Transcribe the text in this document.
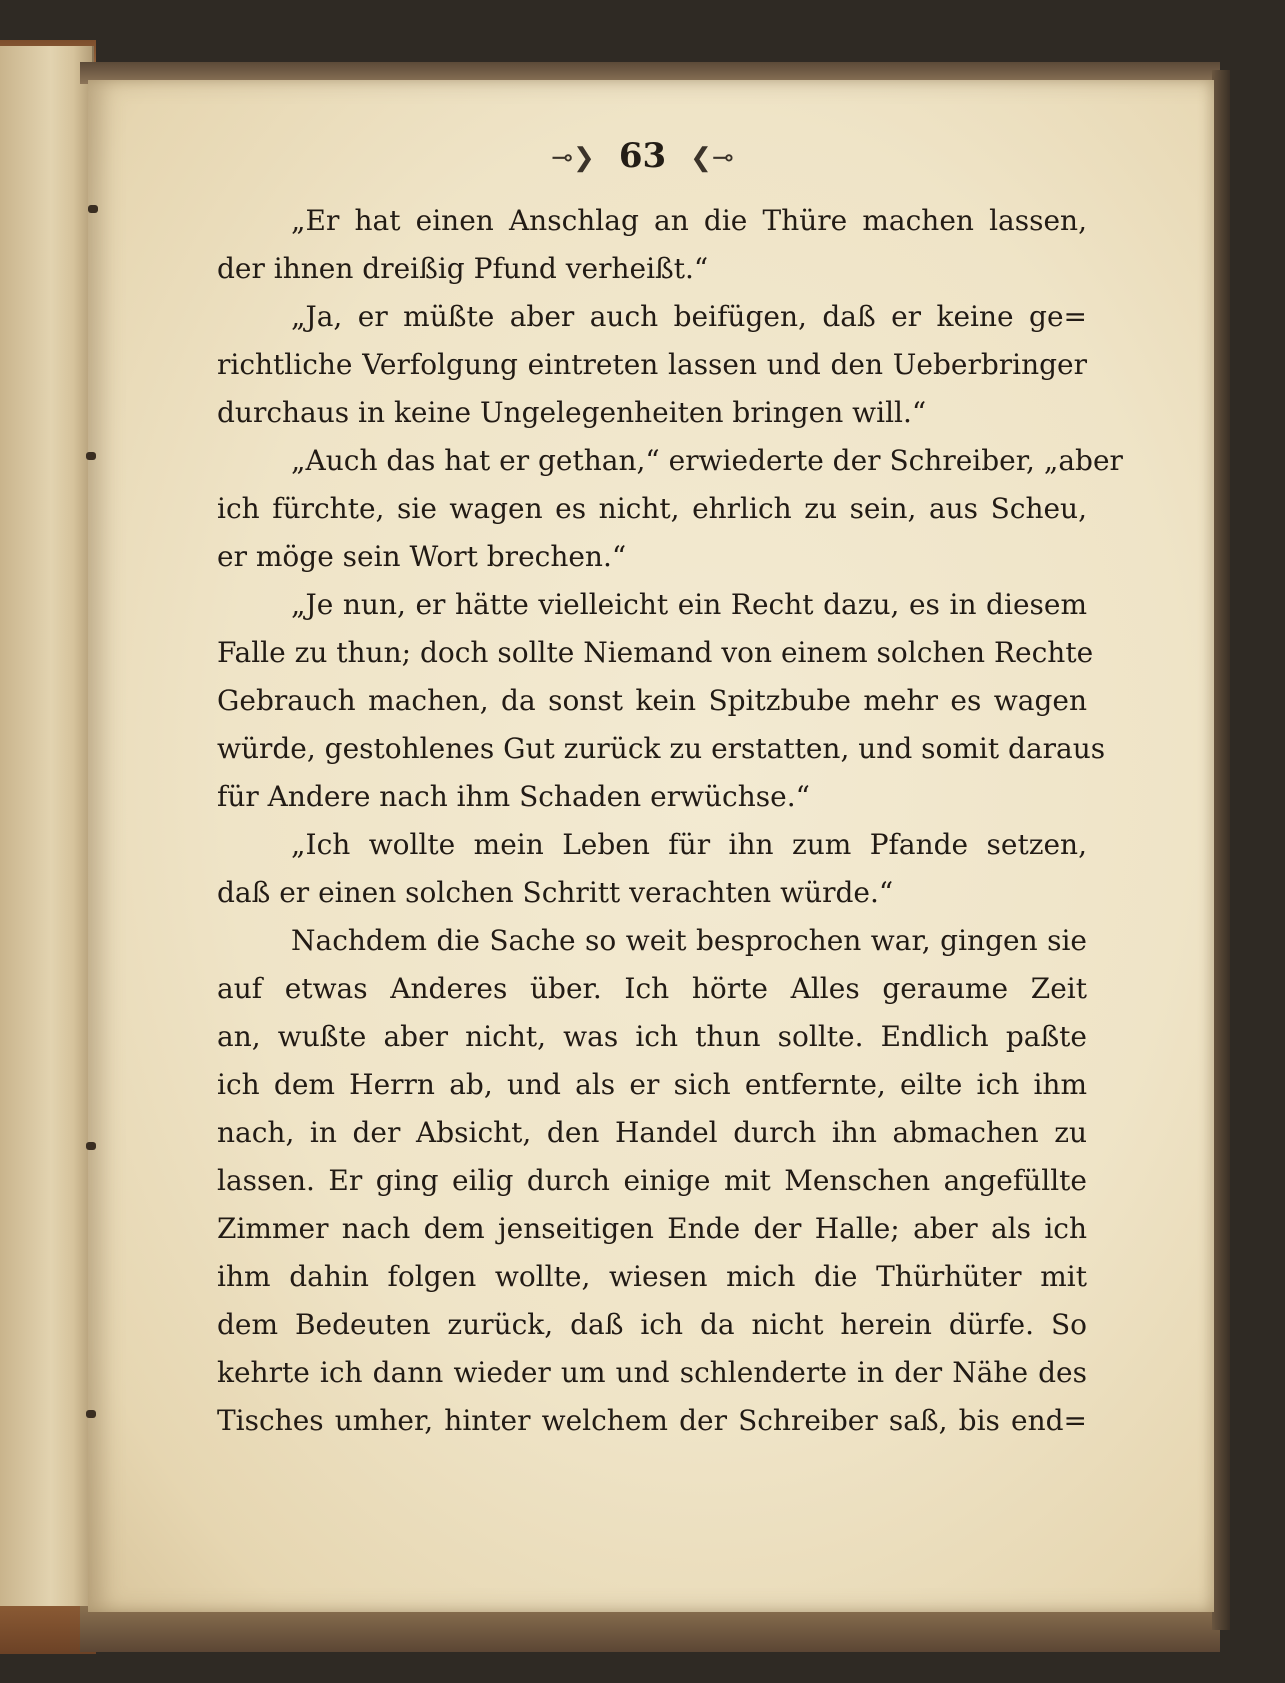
⊸❯ 63 ❮⊸
„Er hat einen Anschlag an die Thüre machen lassen,
der ihnen dreißig Pfund verheißt.“
„Ja, er müßte aber auch beifügen, daß er keine ge=
richtliche Verfolgung eintreten lassen und den Ueberbringer
durchaus in keine Ungelegenheiten bringen will.“
„Auch das hat er gethan,“ erwiederte der Schreiber, „aber
ich fürchte, sie wagen es nicht, ehrlich zu sein, aus Scheu,
er möge sein Wort brechen.“
„Je nun, er hätte vielleicht ein Recht dazu, es in diesem
Falle zu thun; doch sollte Niemand von einem solchen Rechte
Gebrauch machen, da sonst kein Spitzbube mehr es wagen
würde, gestohlenes Gut zurück zu erstatten, und somit daraus
für Andere nach ihm Schaden erwüchse.“
„Ich wollte mein Leben für ihn zum Pfande setzen,
daß er einen solchen Schritt verachten würde.“
Nachdem die Sache so weit besprochen war, gingen sie
auf etwas Anderes über. Ich hörte Alles geraume Zeit
an, wußte aber nicht, was ich thun sollte. Endlich paßte
ich dem Herrn ab, und als er sich entfernte, eilte ich ihm
nach, in der Absicht, den Handel durch ihn abmachen zu
lassen. Er ging eilig durch einige mit Menschen angefüllte
Zimmer nach dem jenseitigen Ende der Halle; aber als ich
ihm dahin folgen wollte, wiesen mich die Thürhüter mit
dem Bedeuten zurück, daß ich da nicht herein dürfe. So
kehrte ich dann wieder um und schlenderte in der Nähe des
Tisches umher, hinter welchem der Schreiber saß, bis end=
